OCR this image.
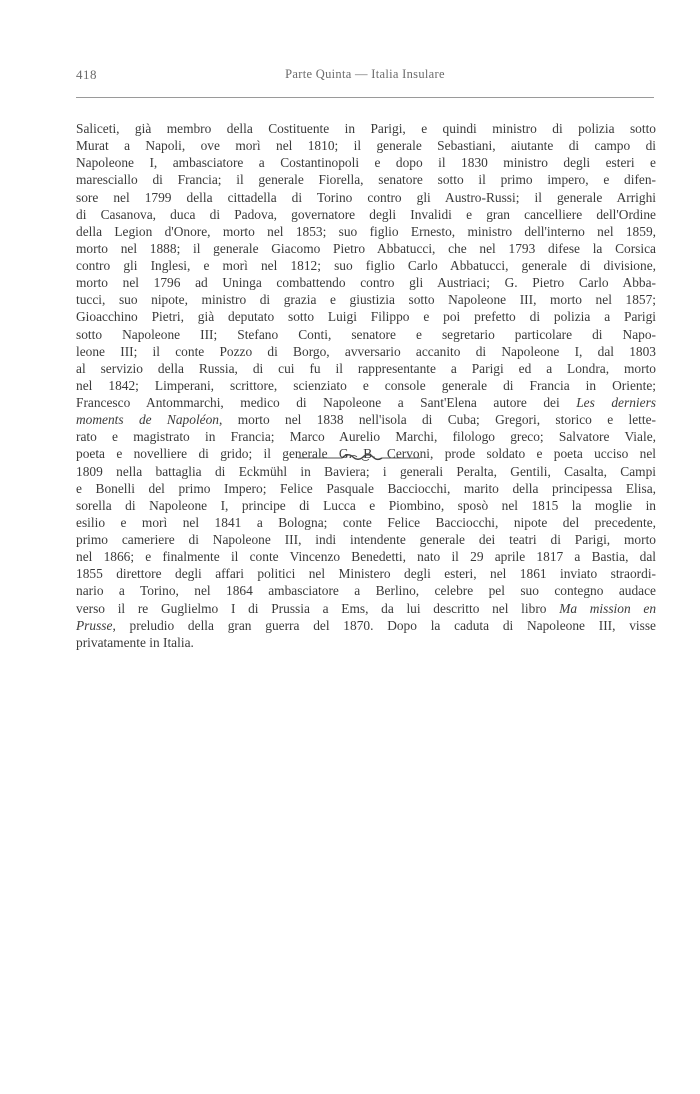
418	Parte Quinta — Italia Insulare
Saliceti, già membro della Costituente in Parigi, e quindi ministro di polizia sotto
Murat a Napoli, ove morì nel 1810; il generale Sebastiani, aiutante di campo di
Napoleone I, ambasciatore a Costantinopoli e dopo il 1830 ministro degli esteri e
maresciallo di Francia; il generale Fiorella, senatore sotto il primo impero, e difen-
sore nel 1799 della cittadella di Torino contro gli Austro-Russi; il generale Arrighi
di Casanova, duca di Padova, governatore degli Invalidi e gran cancelliere dell'Ordine
della Legion d'Onore, morto nel 1853; suo figlio Ernesto, ministro dell'interno nel 1859,
morto nel 1888; il generale Giacomo Pietro Abbatucci, che nel 1793 difese la Corsica
contro gli Inglesi, e morì nel 1812; suo figlio Carlo Abbatucci, generale di divisione,
morto nel 1796 ad Uninga combattendo contro gli Austriaci; G. Pietro Carlo Abba-
tucci, suo nipote, ministro di grazia e giustizia sotto Napoleone III, morto nel 1857;
Gioacchino Pietri, già deputato sotto Luigi Filippo e poi prefetto di polizia a Parigi
sotto Napoleone III; Stefano Conti, senatore e segretario particolare di Napo-
leone III; il conte Pozzo di Borgo, avversario accanito di Napoleone I, dal 1803
al servizio della Russia, di cui fu il rappresentante a Parigi ed a Londra, morto
nel 1842; Limperani, scrittore, scienziato e console generale di Francia in Oriente;
Francesco Antommarchi, medico di Napoleone a Sant'Elena autore dei Les derniers
moments de Napoléon, morto nel 1838 nell'isola di Cuba; Gregori, storico e lette-
rato e magistrato in Francia; Marco Aurelio Marchi, filologo greco; Salvatore Viale,
poeta e novelliere di grido; il generale G. B. Cervoni, prode soldato e poeta ucciso nel
1809 nella battaglia di Eckmühl in Baviera; i generali Peralta, Gentili, Casalta, Campi
e Bonelli del primo Impero; Felice Pasquale Bacciocchi, marito della principessa Elisa,
sorella di Napoleone I, principe di Lucca e Piombino, sposò nel 1815 la moglie in
esilio e morì nel 1841 a Bologna; conte Felice Bacciocchi, nipote del precedente,
primo cameriere di Napoleone III, indi intendente generale dei teatri di Parigi, morto
nel 1866; e finalmente il conte Vincenzo Benedetti, nato il 29 aprile 1817 a Bastia, dal
1855 direttore degli affari politici nel Ministero degli esteri, nel 1861 inviato straordi-
nario a Torino, nel 1864 ambasciatore a Berlino, celebre pel suo contegno audace
verso il re Guglielmo I di Prussia a Ems, da lui descritto nel libro Ma mission en
Prusse, preludio della gran guerra del 1870. Dopo la caduta di Napoleone III, visse
privatamente in Italia.
